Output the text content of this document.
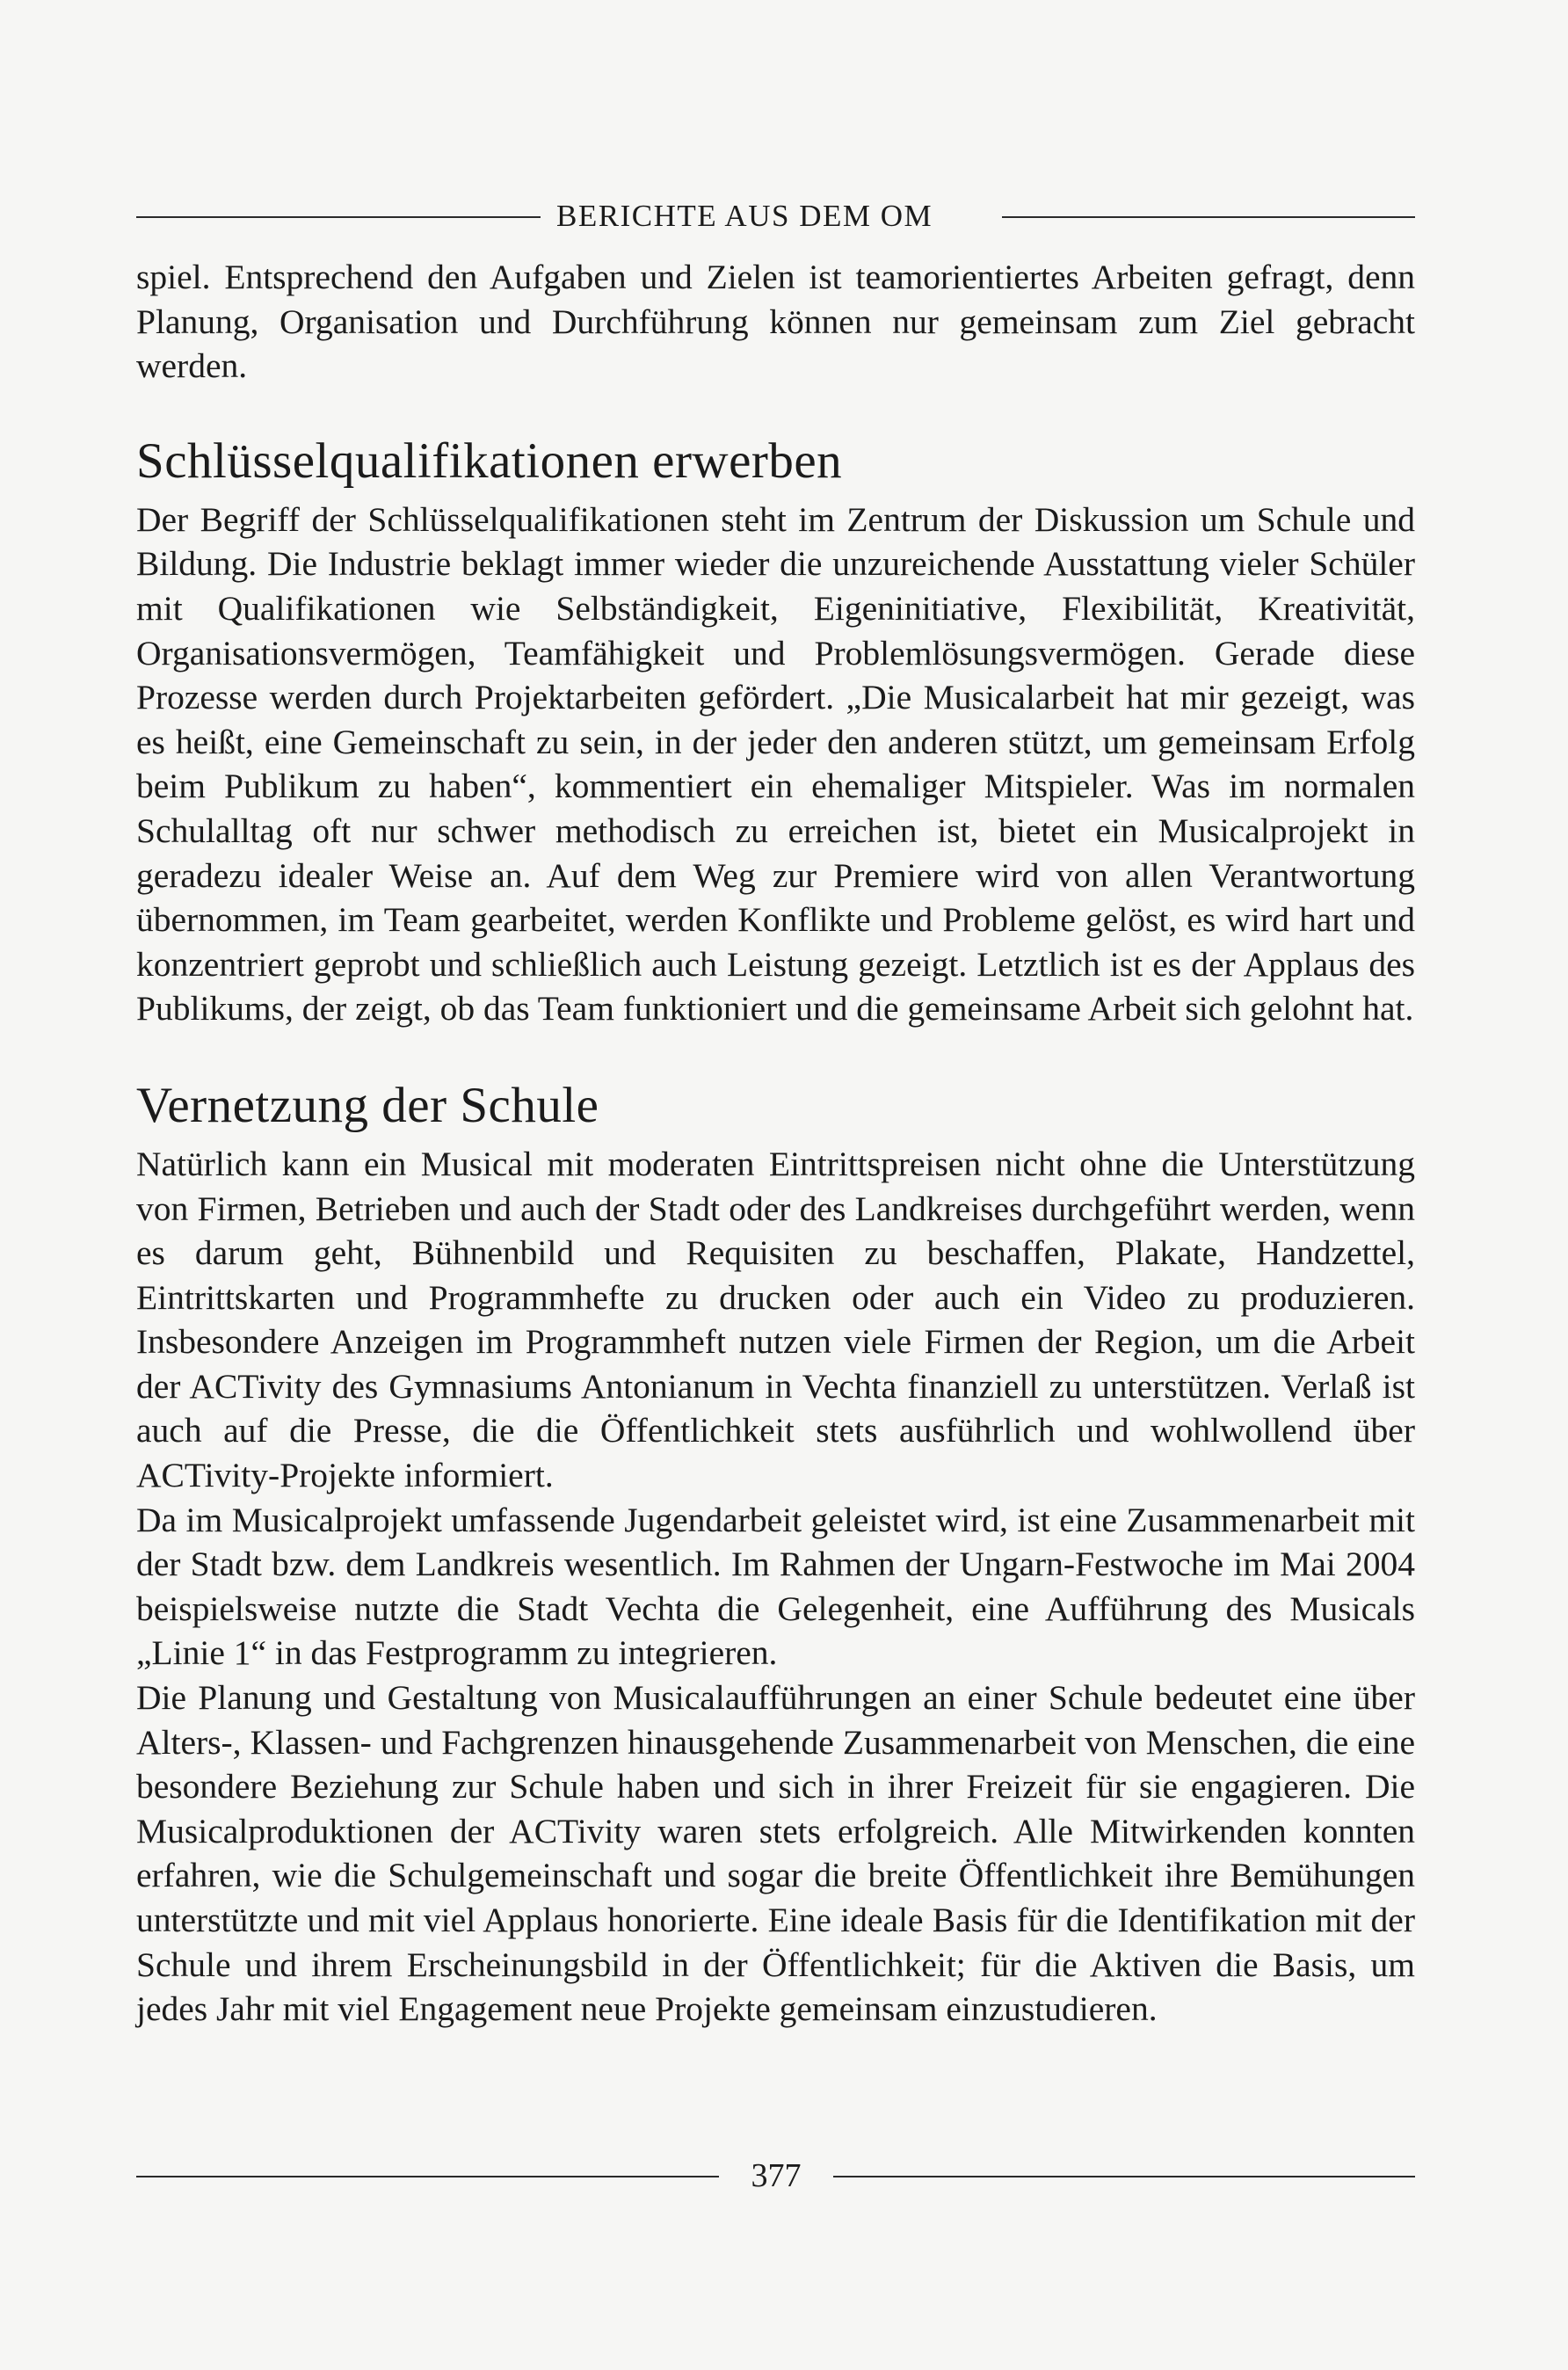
BERICHTE AUS DEM OM

spiel. Entsprechend den Aufgaben und Zielen ist teamorientiertes Arbeiten gefragt, denn Planung, Organisation und Durchführung können nur gemeinsam zum Ziel gebracht werden.

Schlüsselqualifikationen erwerben

Der Begriff der Schlüsselqualifikationen steht im Zentrum der Diskussion um Schule und Bildung. Die Industrie beklagt immer wieder die unzureichende Ausstattung vieler Schüler mit Qualifikationen wie Selbständigkeit, Eigeninitiative, Flexibilität, Kreativität, Organisationsvermögen, Teamfähigkeit und Problemlösungsvermögen. Gerade diese Prozesse werden durch Projektarbeiten gefördert. „Die Musicalarbeit hat mir gezeigt, was es heißt, eine Gemeinschaft zu sein, in der jeder den anderen stützt, um gemeinsam Erfolg beim Publikum zu haben“, kommentiert ein ehemaliger Mitspieler. Was im normalen Schulalltag oft nur schwer methodisch zu erreichen ist, bietet ein Musicalprojekt in geradezu idealer Weise an. Auf dem Weg zur Premiere wird von allen Verantwortung übernommen, im Team gearbeitet, werden Konflikte und Probleme gelöst, es wird hart und konzentriert geprobt und schließlich auch Leistung gezeigt. Letztlich ist es der Applaus des Publikums, der zeigt, ob das Team funktioniert und die gemeinsame Arbeit sich gelohnt hat.

Vernetzung der Schule

Natürlich kann ein Musical mit moderaten Eintrittspreisen nicht ohne die Unterstützung von Firmen, Betrieben und auch der Stadt oder des Landkreises durchgeführt werden, wenn es darum geht, Bühnenbild und Requisiten zu beschaffen, Plakate, Handzettel, Eintrittskarten und Programmhefte zu drucken oder auch ein Video zu produzieren. Insbesondere Anzeigen im Programmheft nutzen viele Firmen der Region, um die Arbeit der ACTivity des Gymnasiums Antonianum in Vechta finanziell zu unterstützen. Verlaß ist auch auf die Presse, die die Öffentlichkeit stets ausführlich und wohlwollend über ACTivity-Projekte informiert.

Da im Musicalprojekt umfassende Jugendarbeit geleistet wird, ist eine Zusammenarbeit mit der Stadt bzw. dem Landkreis wesentlich. Im Rahmen der Ungarn-Festwoche im Mai 2004 beispielsweise nutzte die Stadt Vechta die Gelegenheit, eine Aufführung des Musicals „Linie 1“ in das Festprogramm zu integrieren.

Die Planung und Gestaltung von Musicalaufführungen an einer Schule bedeutet eine über Alters-, Klassen- und Fachgrenzen hinausgehende Zusammenarbeit von Menschen, die eine besondere Beziehung zur Schule haben und sich in ihrer Freizeit für sie engagieren. Die Musicalproduktionen der ACTivity waren stets erfolgreich. Alle Mitwirkenden konnten erfahren, wie die Schulgemeinschaft und sogar die breite Öffentlichkeit ihre Bemühungen unterstützte und mit viel Applaus honorierte. Eine ideale Basis für die Identifikation mit der Schule und ihrem Erscheinungsbild in der Öffentlichkeit; für die Aktiven die Basis, um jedes Jahr mit viel Engagement neue Projekte gemeinsam einzustudieren.

377
